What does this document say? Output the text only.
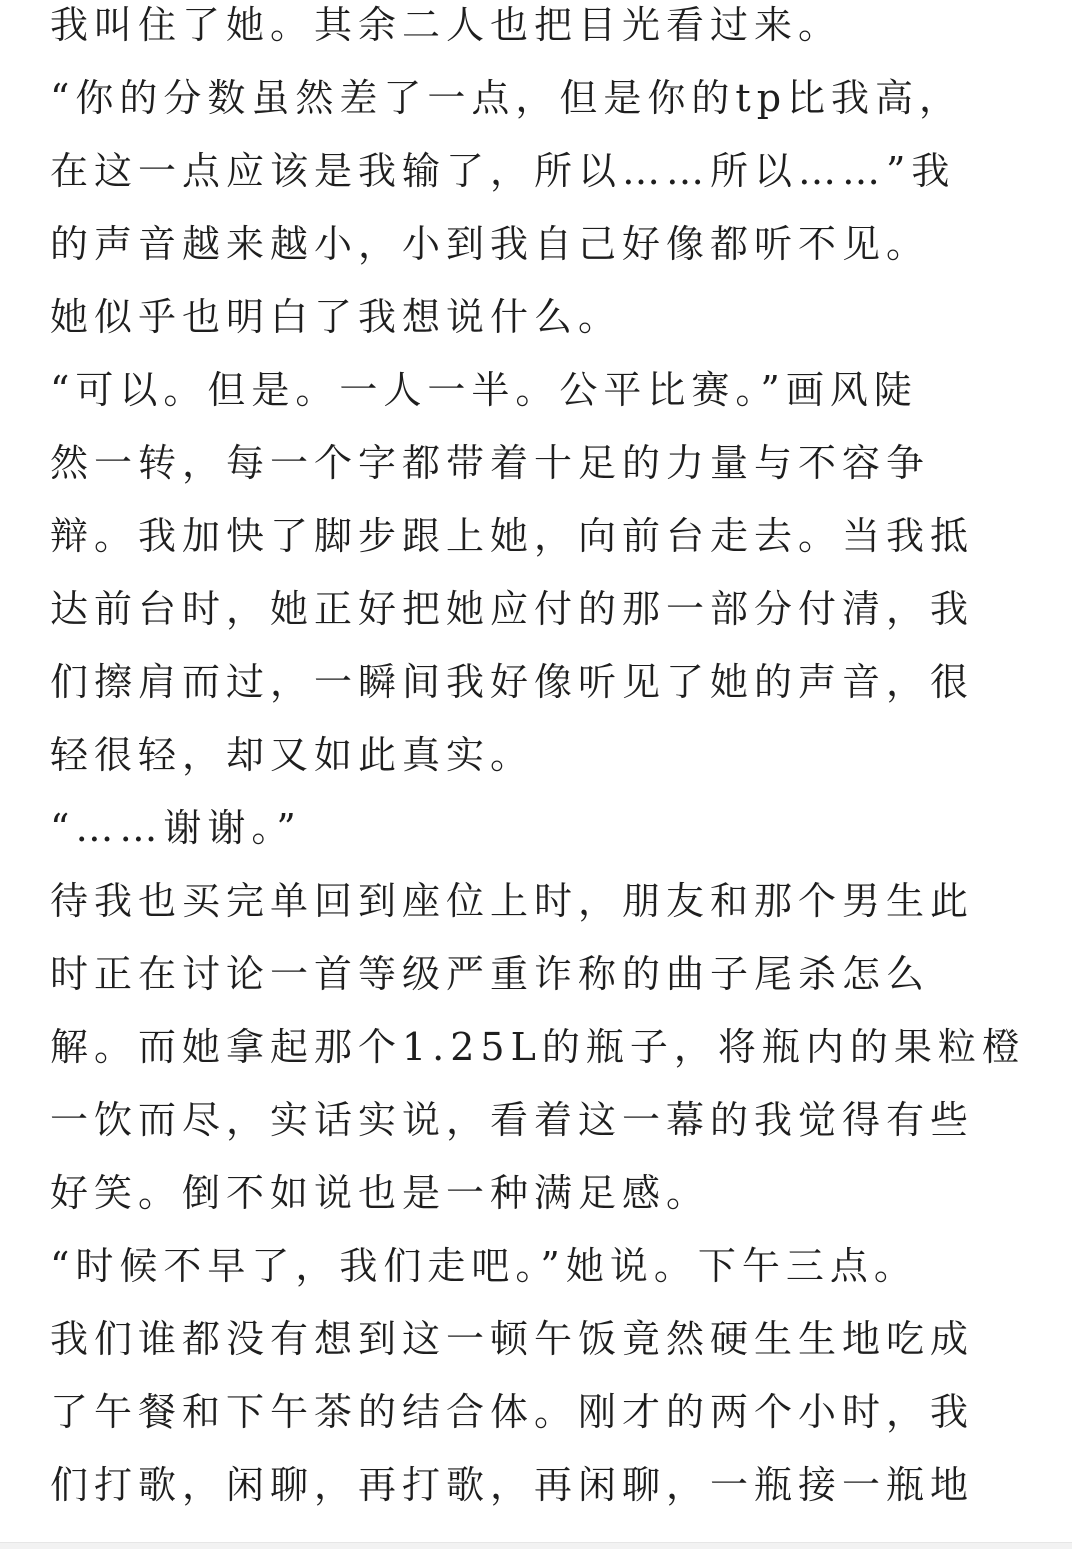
我叫住了她。其余二人也把目光看过来。
“你的分数虽然差了一点，但是你的tp比我高，
在这一点应该是我输了，所以……所以……”我
的声音越来越小，小到我自己好像都听不见。
她似乎也明白了我想说什么。
“可以。但是。一人一半。公平比赛。”画风陡
然一转，每一个字都带着十足的力量与不容争
辩。我加快了脚步跟上她，向前台走去。当我抵
达前台时，她正好把她应付的那一部分付清，我
们擦肩而过，一瞬间我好像听见了她的声音，很
轻很轻，却又如此真实。
“……谢谢。”
待我也买完单回到座位上时，朋友和那个男生此
时正在讨论一首等级严重诈称的曲子尾杀怎么
解。而她拿起那个1.25L的瓶子，将瓶内的果粒橙
一饮而尽，实话实说，看着这一幕的我觉得有些
好笑。倒不如说也是一种满足感。
“时候不早了，我们走吧。”她说。下午三点。
我们谁都没有想到这一顿午饭竟然硬生生地吃成
了午餐和下午茶的结合体。刚才的两个小时，我
们打歌，闲聊，再打歌，再闲聊，一瓶接一瓶地
